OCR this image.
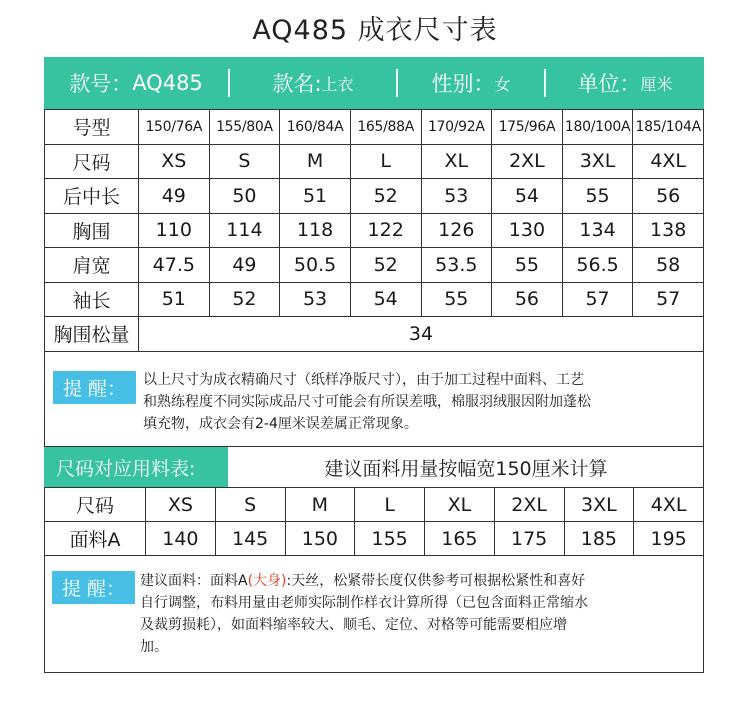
AQ485 成衣尺寸表
款号： AQ485	款名: 上衣	性别： 女	单位： 厘米
号型	150/76A	155/80A	160/84A	165/88A	170/92A	175/96A	180/100A	185/104A
尺码	XS	S	M	L	XL	2XL	3XL	4XL
后中长	49	50	51	52	53	54	55	56
胸围	110	114	118	122	126	130	134	138
肩宽	47.5	49	50.5	52	53.5	55	56.5	58
袖长	51	52	53	54	55	56	57	57
胸围松量	34							
提 醒：	以上尺寸为成衣精确尺寸（纸样净版尺寸），由于加工过程中面料、工艺
和熟练程度不同实际成品尺寸可能会有所误差哦，棉服羽绒服因附加蓬松
填充物，成衣会有2-4厘米误差属正常现象。
尺码对应用料表:	建议面料用量按幅宽150厘米计算
尺码	XS	S	M	L	XL	2XL	3XL	4XL
面料A	140	145	150	155	165	175	185	195
提 醒：	建议面料：面料A(大身):天丝，松紧带长度仅供参考可根据松紧性和喜好
自行调整，布料用量由老师实际制作样衣计算所得（已包含面料正常缩水
及裁剪损耗），如面料缩率较大、顺毛、定位、对格等可能需要相应增
加。
